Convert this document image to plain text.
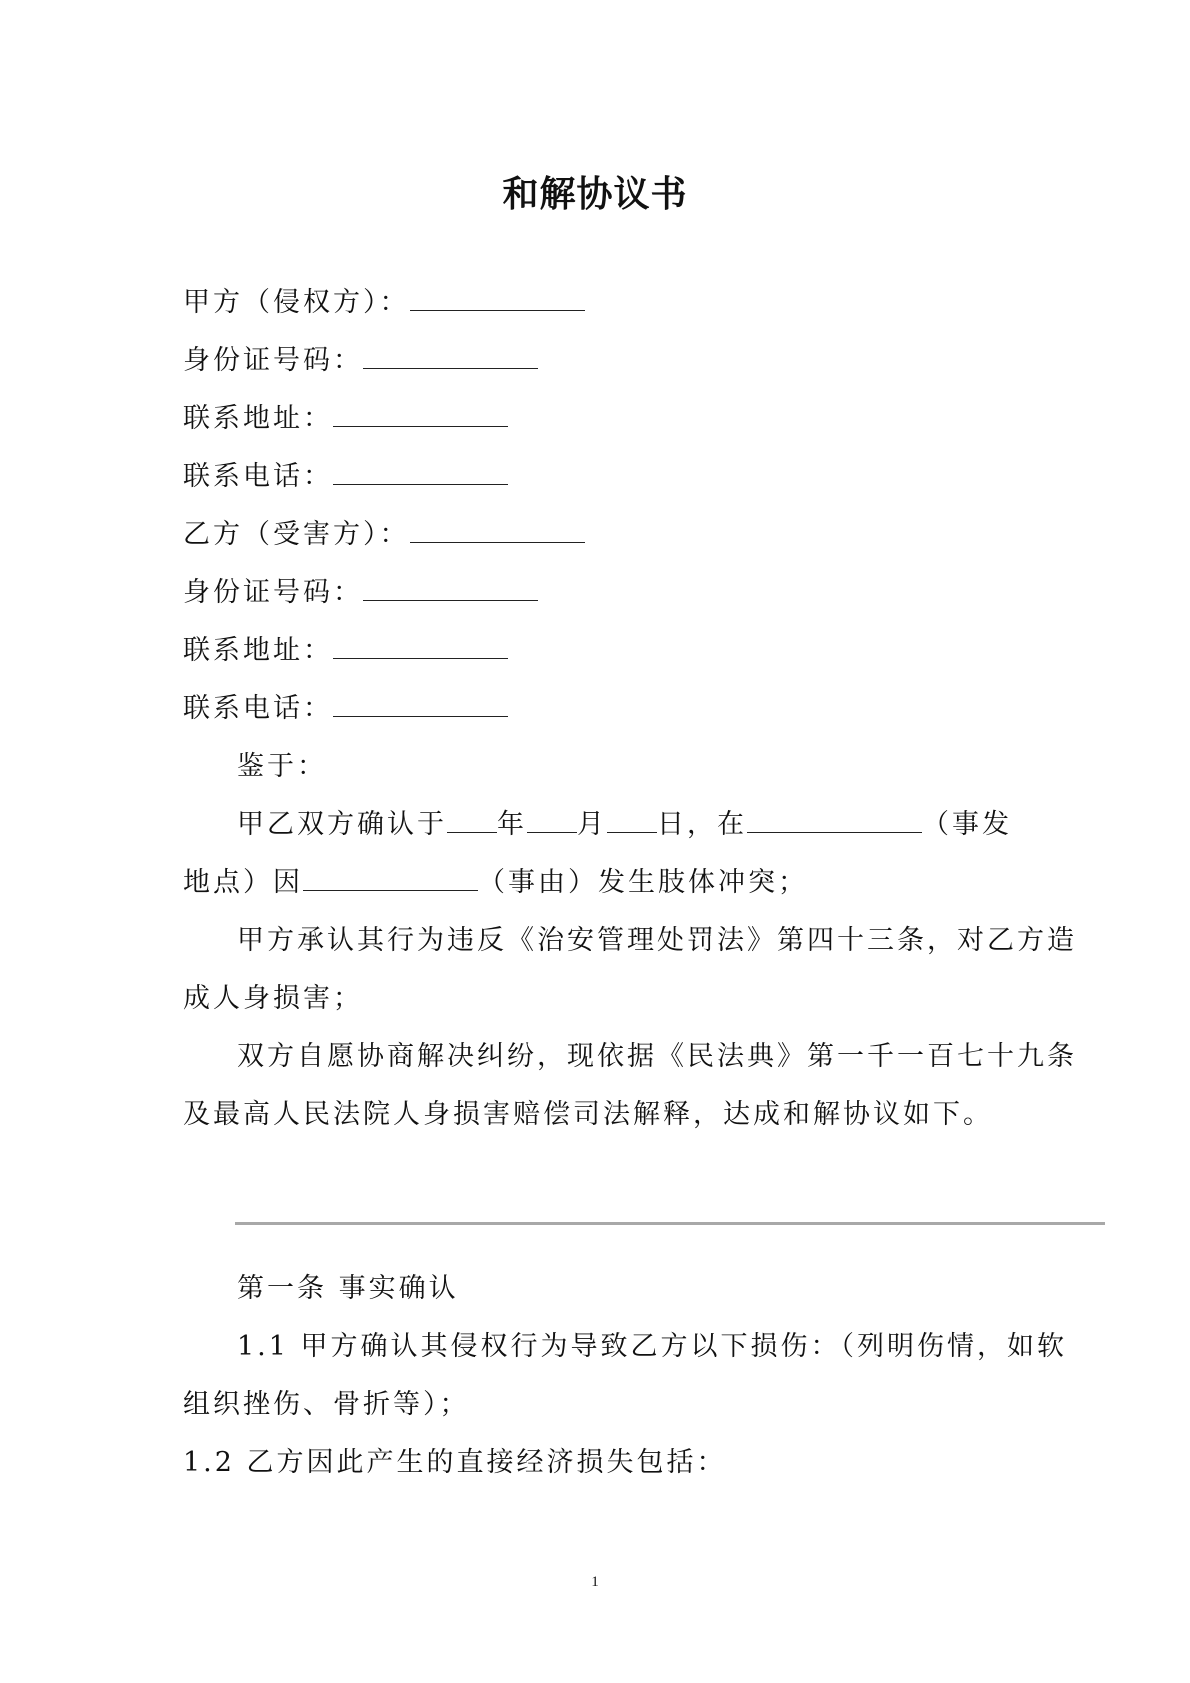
和解协议书
甲方（侵权方）：
身份证号码：
联系地址：
联系电话：
乙方（受害方）：
身份证号码：
联系地址：
联系电话：
鉴于：
甲乙双方确认于 年 月 日，在	（事发
地点）因	（事由）发生肢体冲突；
甲方承认其行为违反《治安管理处罚法》第四十三条，对乙方造
成人身损害；
双方自愿协商解决纠纷，现依据《民法典》第一千一百七十九条
及最高人民法院人身损害赔偿司法解释，达成和解协议如下。
第一条 事实确认
1.1 甲方确认其侵权行为导致乙方以下损伤：（列明伤情，如软
组织挫伤、骨折等）；
1.2 乙方因此产生的直接经济损失包括：
1
